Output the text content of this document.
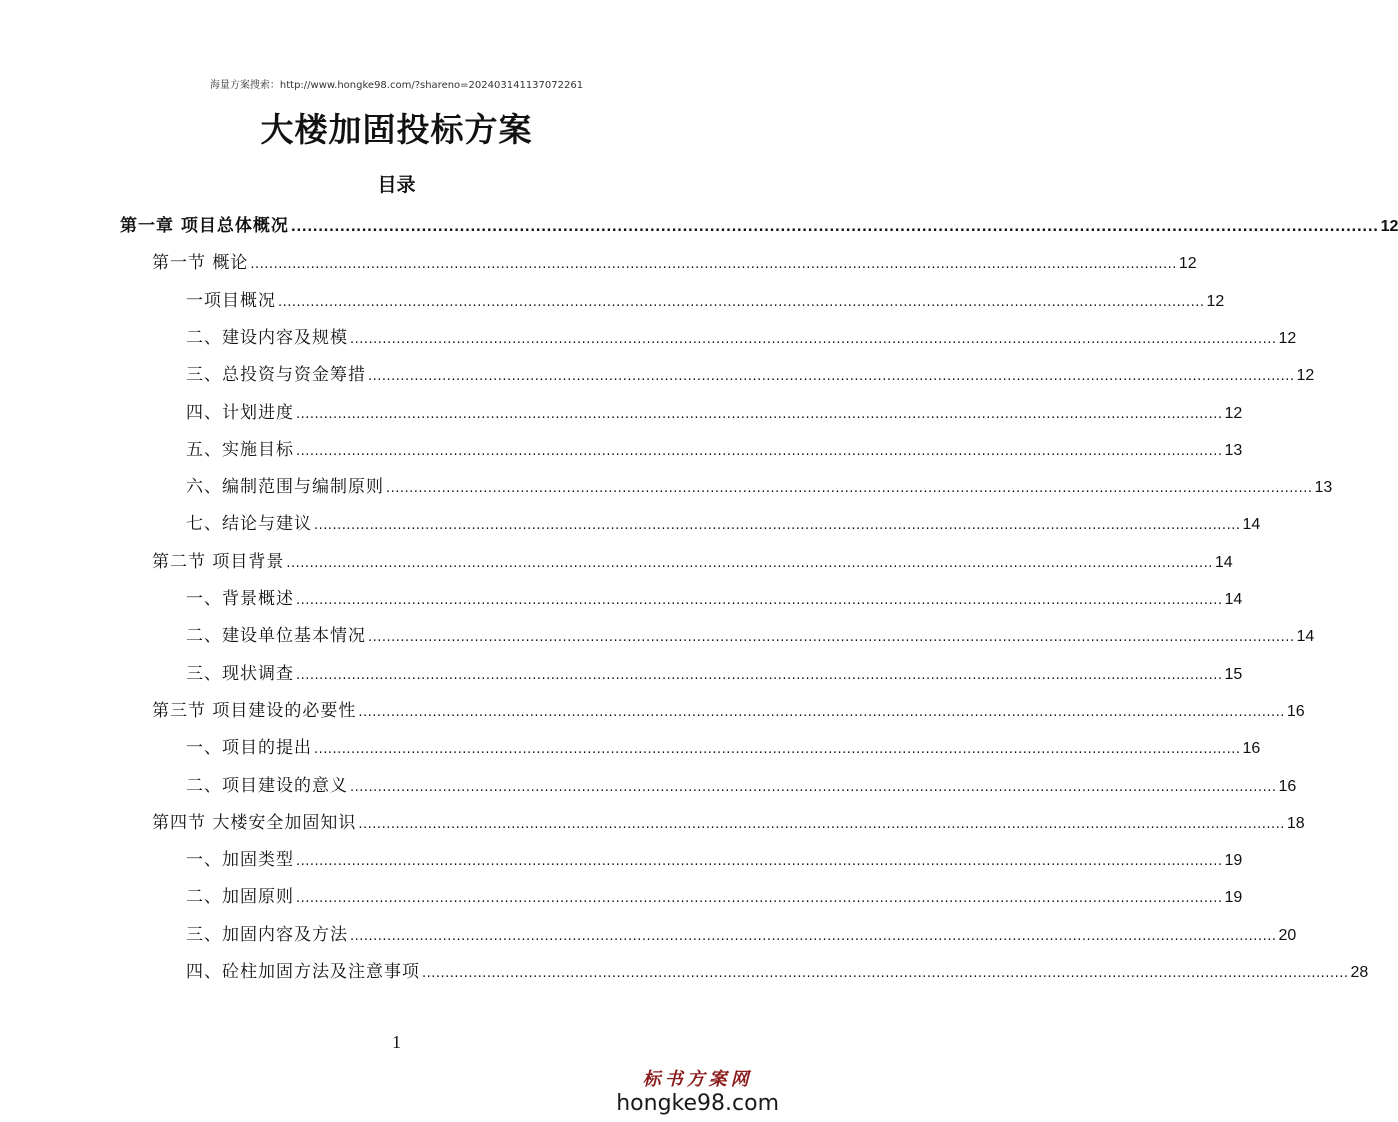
海量方案搜索：http://www.hongke98.com/?shareno=202403141137072261
大楼加固投标方案
目录
第一章 项目总体概况 ........................................................................................................................................................................................................ 12
第一节 概论 ........................................................................................................................................................................................................ 12
一项目概况 ........................................................................................................................................................................................................ 12
二、建设内容及规模 ........................................................................................................................................................................................................ 12
三、总投资与资金筹措 ........................................................................................................................................................................................................ 12
四、计划进度 ........................................................................................................................................................................................................ 12
五、实施目标 ........................................................................................................................................................................................................ 13
六、编制范围与编制原则 ........................................................................................................................................................................................................ 13
七、结论与建议 ........................................................................................................................................................................................................ 14
第二节 项目背景 ........................................................................................................................................................................................................ 14
一、背景概述 ........................................................................................................................................................................................................ 14
二、建设单位基本情况 ........................................................................................................................................................................................................ 14
三、现状调查 ........................................................................................................................................................................................................ 15
第三节 项目建设的必要性 ........................................................................................................................................................................................................ 16
一、项目的提出 ........................................................................................................................................................................................................ 16
二、项目建设的意义 ........................................................................................................................................................................................................ 16
第四节 大楼安全加固知识 ........................................................................................................................................................................................................ 18
一、加固类型 ........................................................................................................................................................................................................ 19
二、加固原则 ........................................................................................................................................................................................................ 19
三、加固内容及方法 ........................................................................................................................................................................................................ 20
四、砼柱加固方法及注意事项 ........................................................................................................................................................................................................ 28
1
标书方案网
hongke98.com
